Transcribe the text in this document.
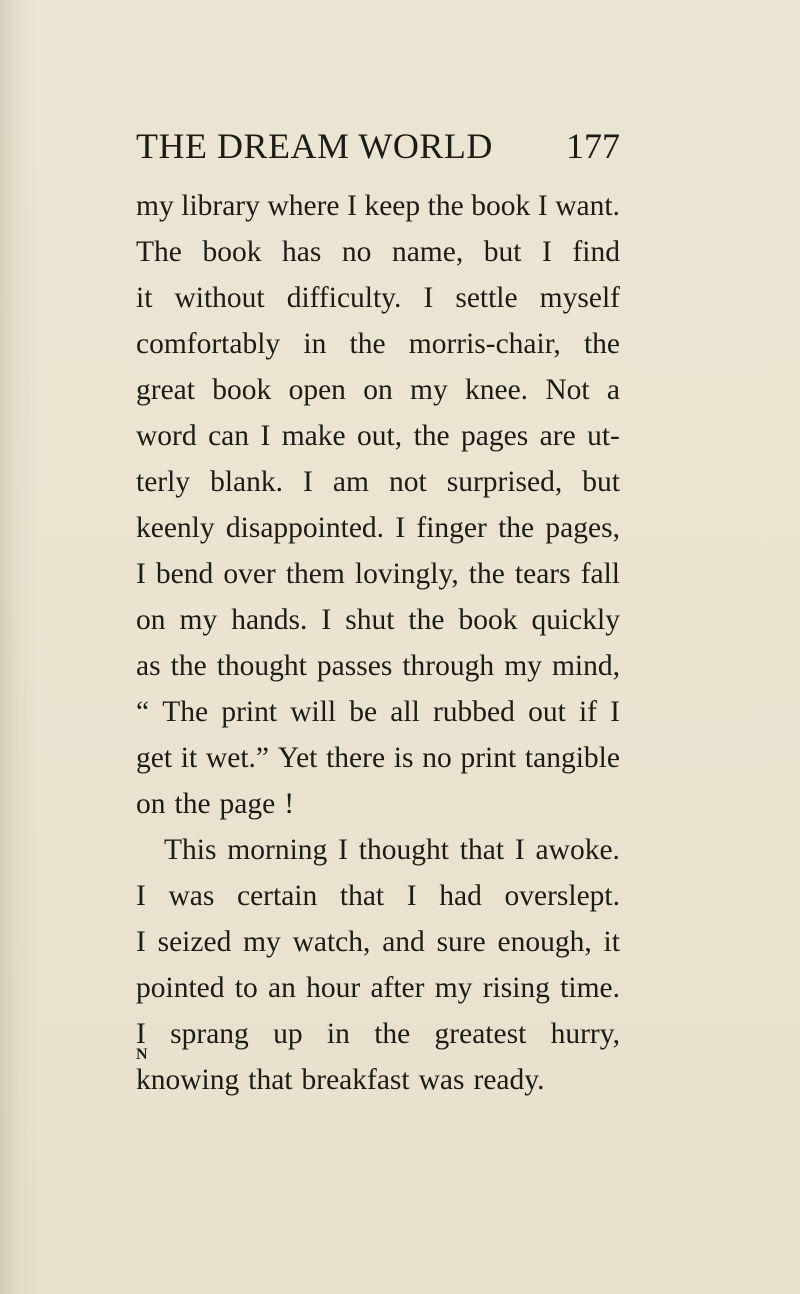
THE DREAM WORLD 177
my library where I keep the book I want.
The book has no name, but I find
it without difficulty. I settle myself
comfortably in the morris-chair, the
great book open on my knee. Not a
word can I make out, the pages are ut-
terly blank. I am not surprised, but
keenly disappointed. I finger the pages,
I bend over them lovingly, the tears fall
on my hands. I shut the book quickly
as the thought passes through my mind,
“ The print will be all rubbed out if I
get it wet.” Yet there is no print tangible
on the page !
This morning I thought that I awoke.
I was certain that I had overslept.
I seized my watch, and sure enough, it
pointed to an hour after my rising time.
I sprang up in the greatest hurry,
knowing that breakfast was ready.
N
